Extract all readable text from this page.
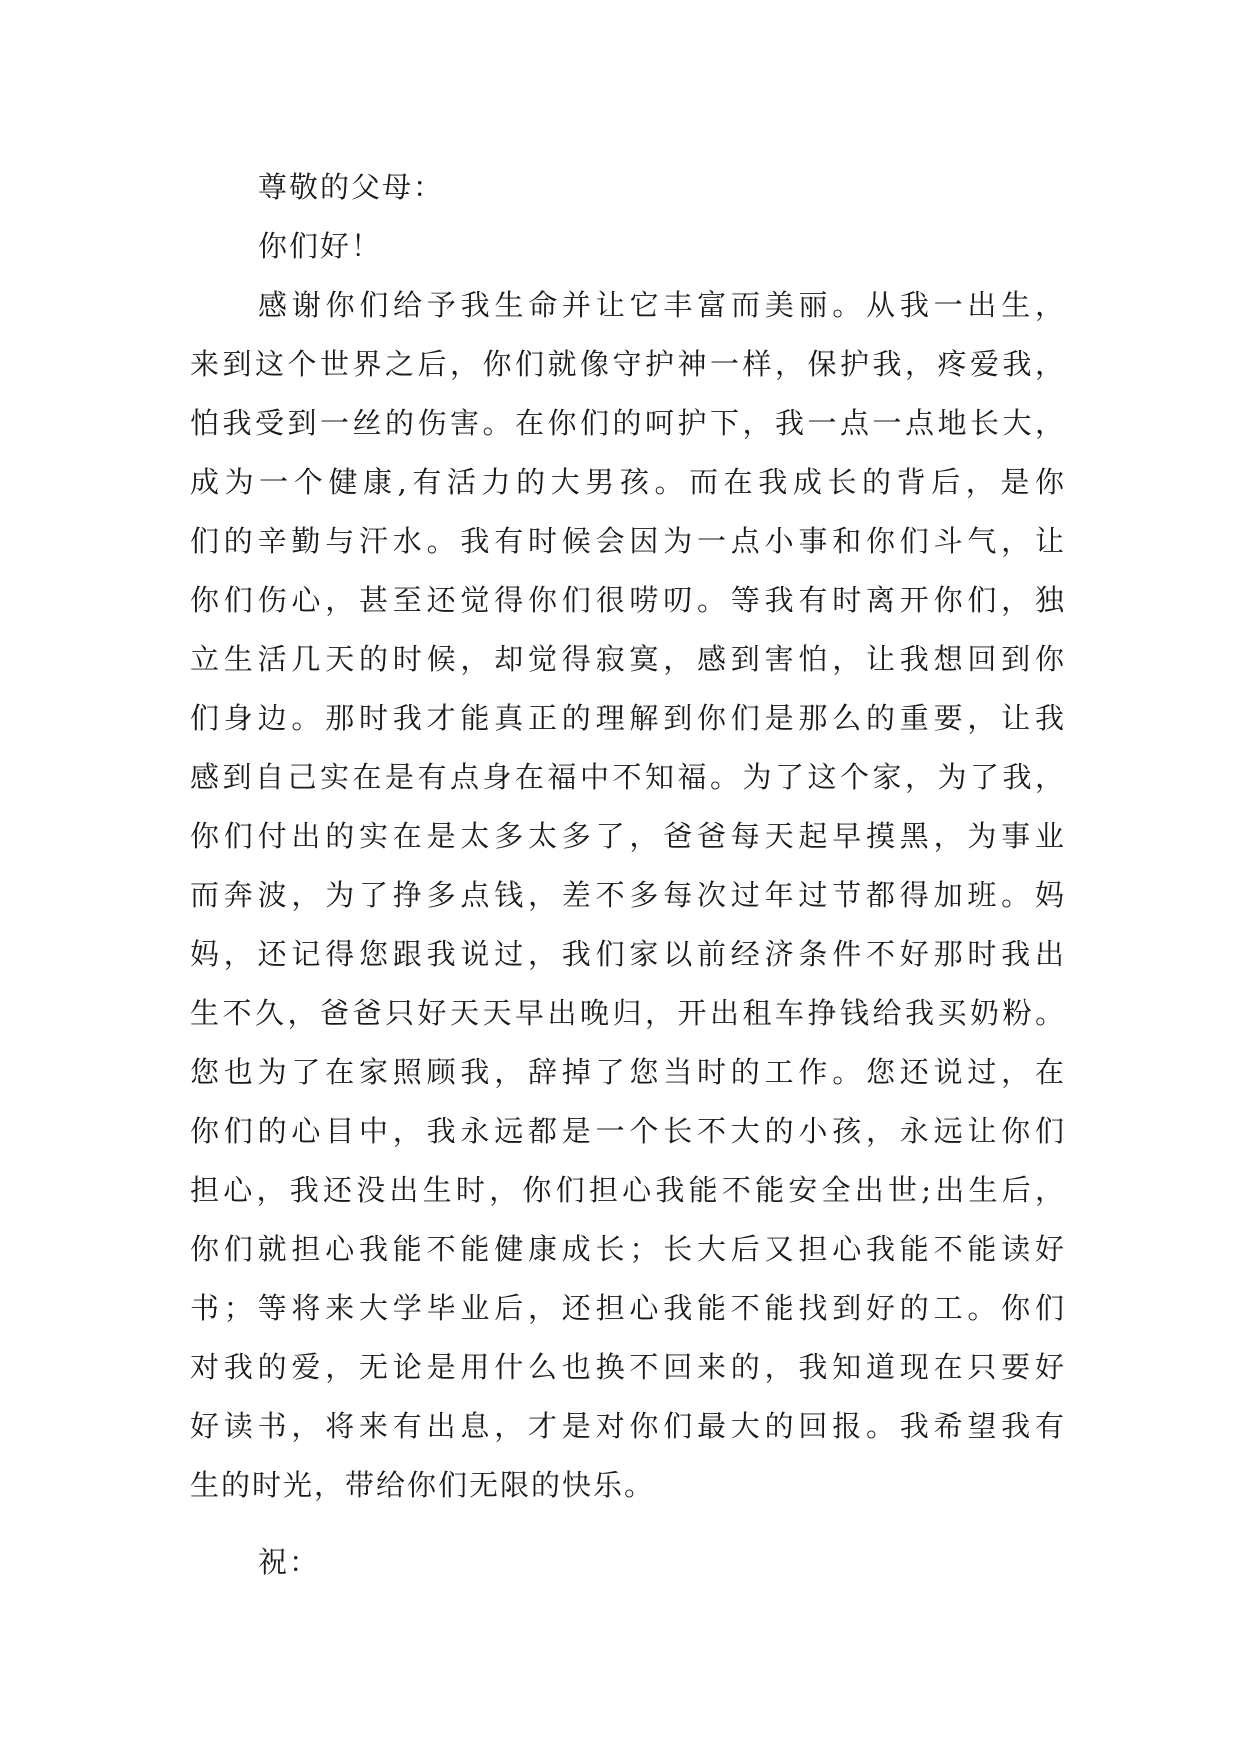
尊敬的父母：
你们好！

感谢你们给予我生命并让它丰富而美丽。从我一出生，
来到这个世界之后，你们就像守护神一样，保护我，疼爱我，
怕我受到一丝的伤害。在你们的呵护下，我一点一点地长大，
成为一个健康,有活力的大男孩。而在我成长的背后，是你
们的辛勤与汗水。我有时候会因为一点小事和你们斗气，让
你们伤心，甚至还觉得你们很唠叨。等我有时离开你们，独
立生活几天的时候，却觉得寂寞，感到害怕，让我想回到你
们身边。那时我才能真正的理解到你们是那么的重要，让我
感到自己实在是有点身在福中不知福。为了这个家，为了我，
你们付出的实在是太多太多了，爸爸每天起早摸黑，为事业
而奔波，为了挣多点钱，差不多每次过年过节都得加班。妈
妈，还记得您跟我说过，我们家以前经济条件不好那时我出
生不久，爸爸只好天天早出晚归，开出租车挣钱给我买奶粉。
您也为了在家照顾我，辞掉了您当时的工作。您还说过，在
你们的心目中，我永远都是一个长不大的小孩，永远让你们
担心，我还没出生时，你们担心我能不能安全出世;出生后，
你们就担心我能不能健康成长；长大后又担心我能不能读好
书；等将来大学毕业后，还担心我能不能找到好的工。你们
对我的爱，无论是用什么也换不回来的，我知道现在只要好
好读书，将来有出息，才是对你们最大的回报。我希望我有
生的时光，带给你们无限的快乐。

祝：
